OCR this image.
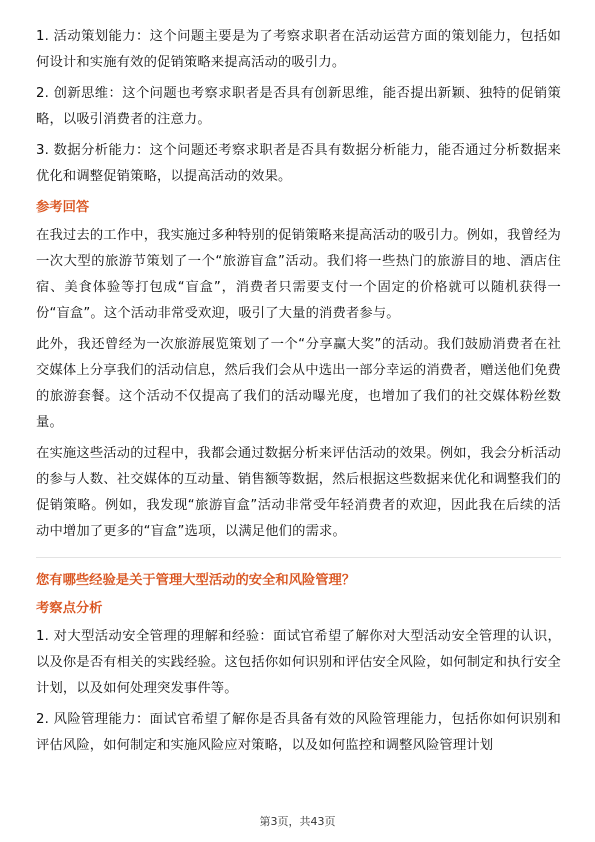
1. 活动策划能力：这个问题主要是为了考察求职者在活动运营方面的策划能力，包括如何设计和实施有效的促销策略来提高活动的吸引力。

2. 创新思维：这个问题也考察求职者是否具有创新思维，能否提出新颖、独特的促销策略，以吸引消费者的注意力。

3. 数据分析能力：这个问题还考察求职者是否具有数据分析能力，能否通过分析数据来优化和调整促销策略，以提高活动的效果。

参考回答

在我过去的工作中，我实施过多种特别的促销策略来提高活动的吸引力。例如，我曾经为一次大型的旅游节策划了一个“旅游盲盒”活动。我们将一些热门的旅游目的地、酒店住宿、美食体验等打包成“盲盒”，消费者只需要支付一个固定的价格就可以随机获得一份“盲盒”。这个活动非常受欢迎，吸引了大量的消费者参与。

此外，我还曾经为一次旅游展览策划了一个“分享赢大奖”的活动。我们鼓励消费者在社交媒体上分享我们的活动信息，然后我们会从中选出一部分幸运的消费者，赠送他们免费的旅游套餐。这个活动不仅提高了我们的活动曝光度，也增加了我们的社交媒体粉丝数量。

在实施这些活动的过程中，我都会通过数据分析来评估活动的效果。例如，我会分析活动的参与人数、社交媒体的互动量、销售额等数据，然后根据这些数据来优化和调整我们的促销策略。例如，我发现“旅游盲盒”活动非常受年轻消费者的欢迎，因此我在后续的活动中增加了更多的“盲盒”选项，以满足他们的需求。

您有哪些经验是关于管理大型活动的安全和风险管理？
考察点分析

1. 对大型活动安全管理的理解和经验：面试官希望了解你对大型活动安全管理的认识，以及你是否有相关的实践经验。这包括你如何识别和评估安全风险，如何制定和执行安全计划，以及如何处理突发事件等。

2. 风险管理能力：面试官希望了解你是否具备有效的风险管理能力，包括你如何识别和评估风险，如何制定和实施风险应对策略，以及如何监控和调整风险管理计划

第3页，共43页
